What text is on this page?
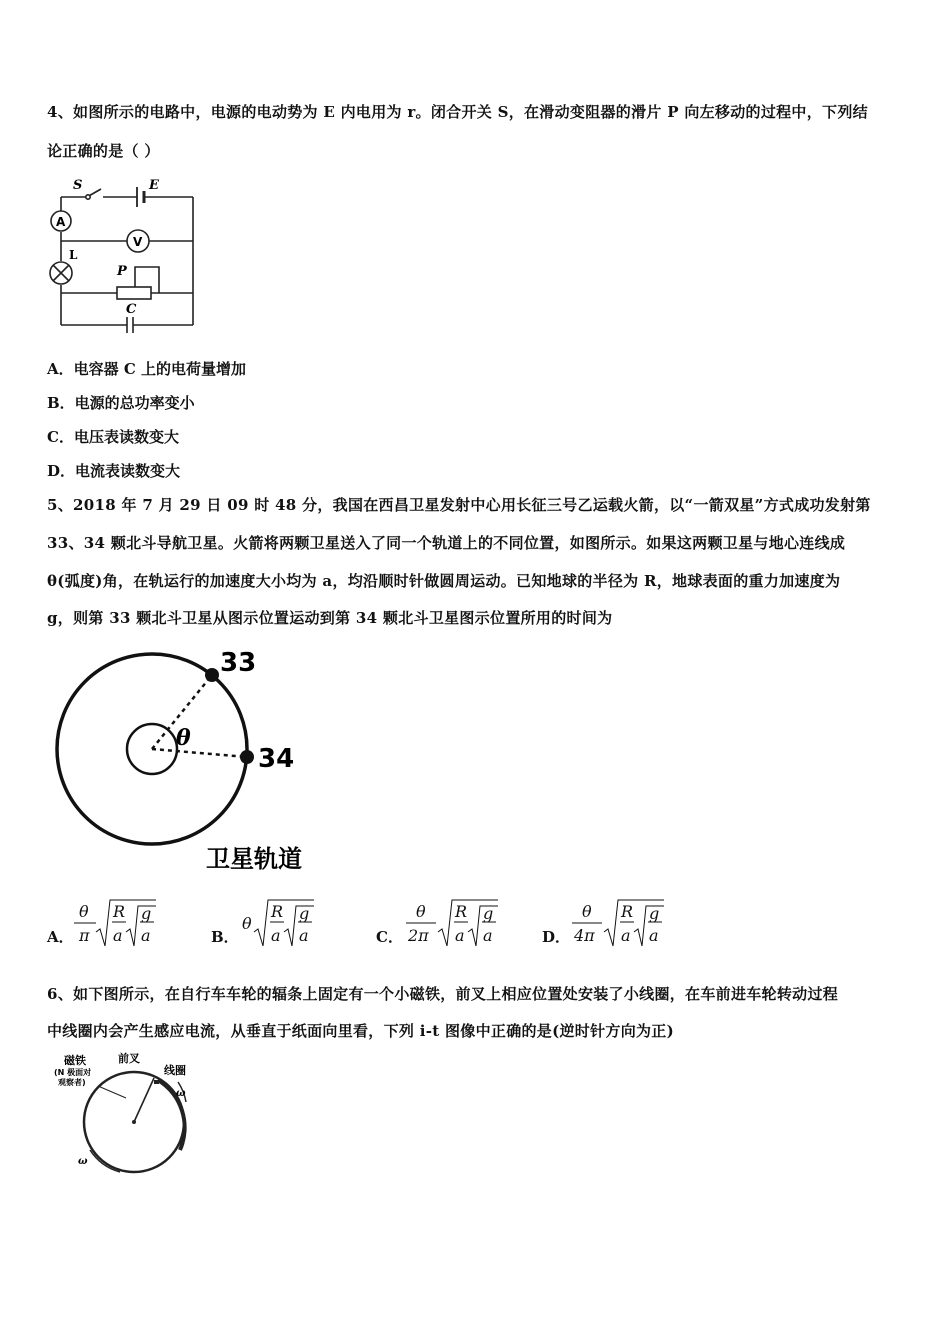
4、如图所示的电路中，电源的电动势为 E 内电用为 r。闭合开关 S，在滑动变阻器的滑片 P 向左移动的过程中，下列结
论正确的是（ ）
S	E
A
V
L
P
C
A．电容器 C 上的电荷量增加
B．电源的总功率变小
C．电压表读数变大
D．电流表读数变大
5、2018 年 7 月 29 日 09 时 48 分，我国在西昌卫星发射中心用长征三号乙运载火箭，以“一箭双星”方式成功发射第
33、34 颗北斗导航卫星。火箭将两颗卫星送入了同一个轨道上的不同位置，如图所示。如果这两颗卫星与地心连线成
θ(弧度)角，在轨运行的加速度大小均为 a，均沿顺时针做圆周运动。已知地球的半径为 R，地球表面的重力加速度为
g，则第 33 颗北斗卫星从图示位置运动到第 34 颗北斗卫星图示位置所用的时间为
33
34
θ
卫星轨道
A．
θ
π
R
a
g
a	B．
θ
R
a
g
a	C．
θ
2π
R
a
g
a	D．
θ
4π
R
a
g
a
6、如下图所示，在自行车车轮的辐条上固定有一个小磁铁，前叉上相应位置处安装了小线圈，在车前进车轮转动过程
中线圈内会产生感应电流，从垂直于纸面向里看，下列 i-t 图像中正确的是(逆时针方向为正)
磁铁
(N 极面对
观察者)
前叉
线圈
ω
ω
